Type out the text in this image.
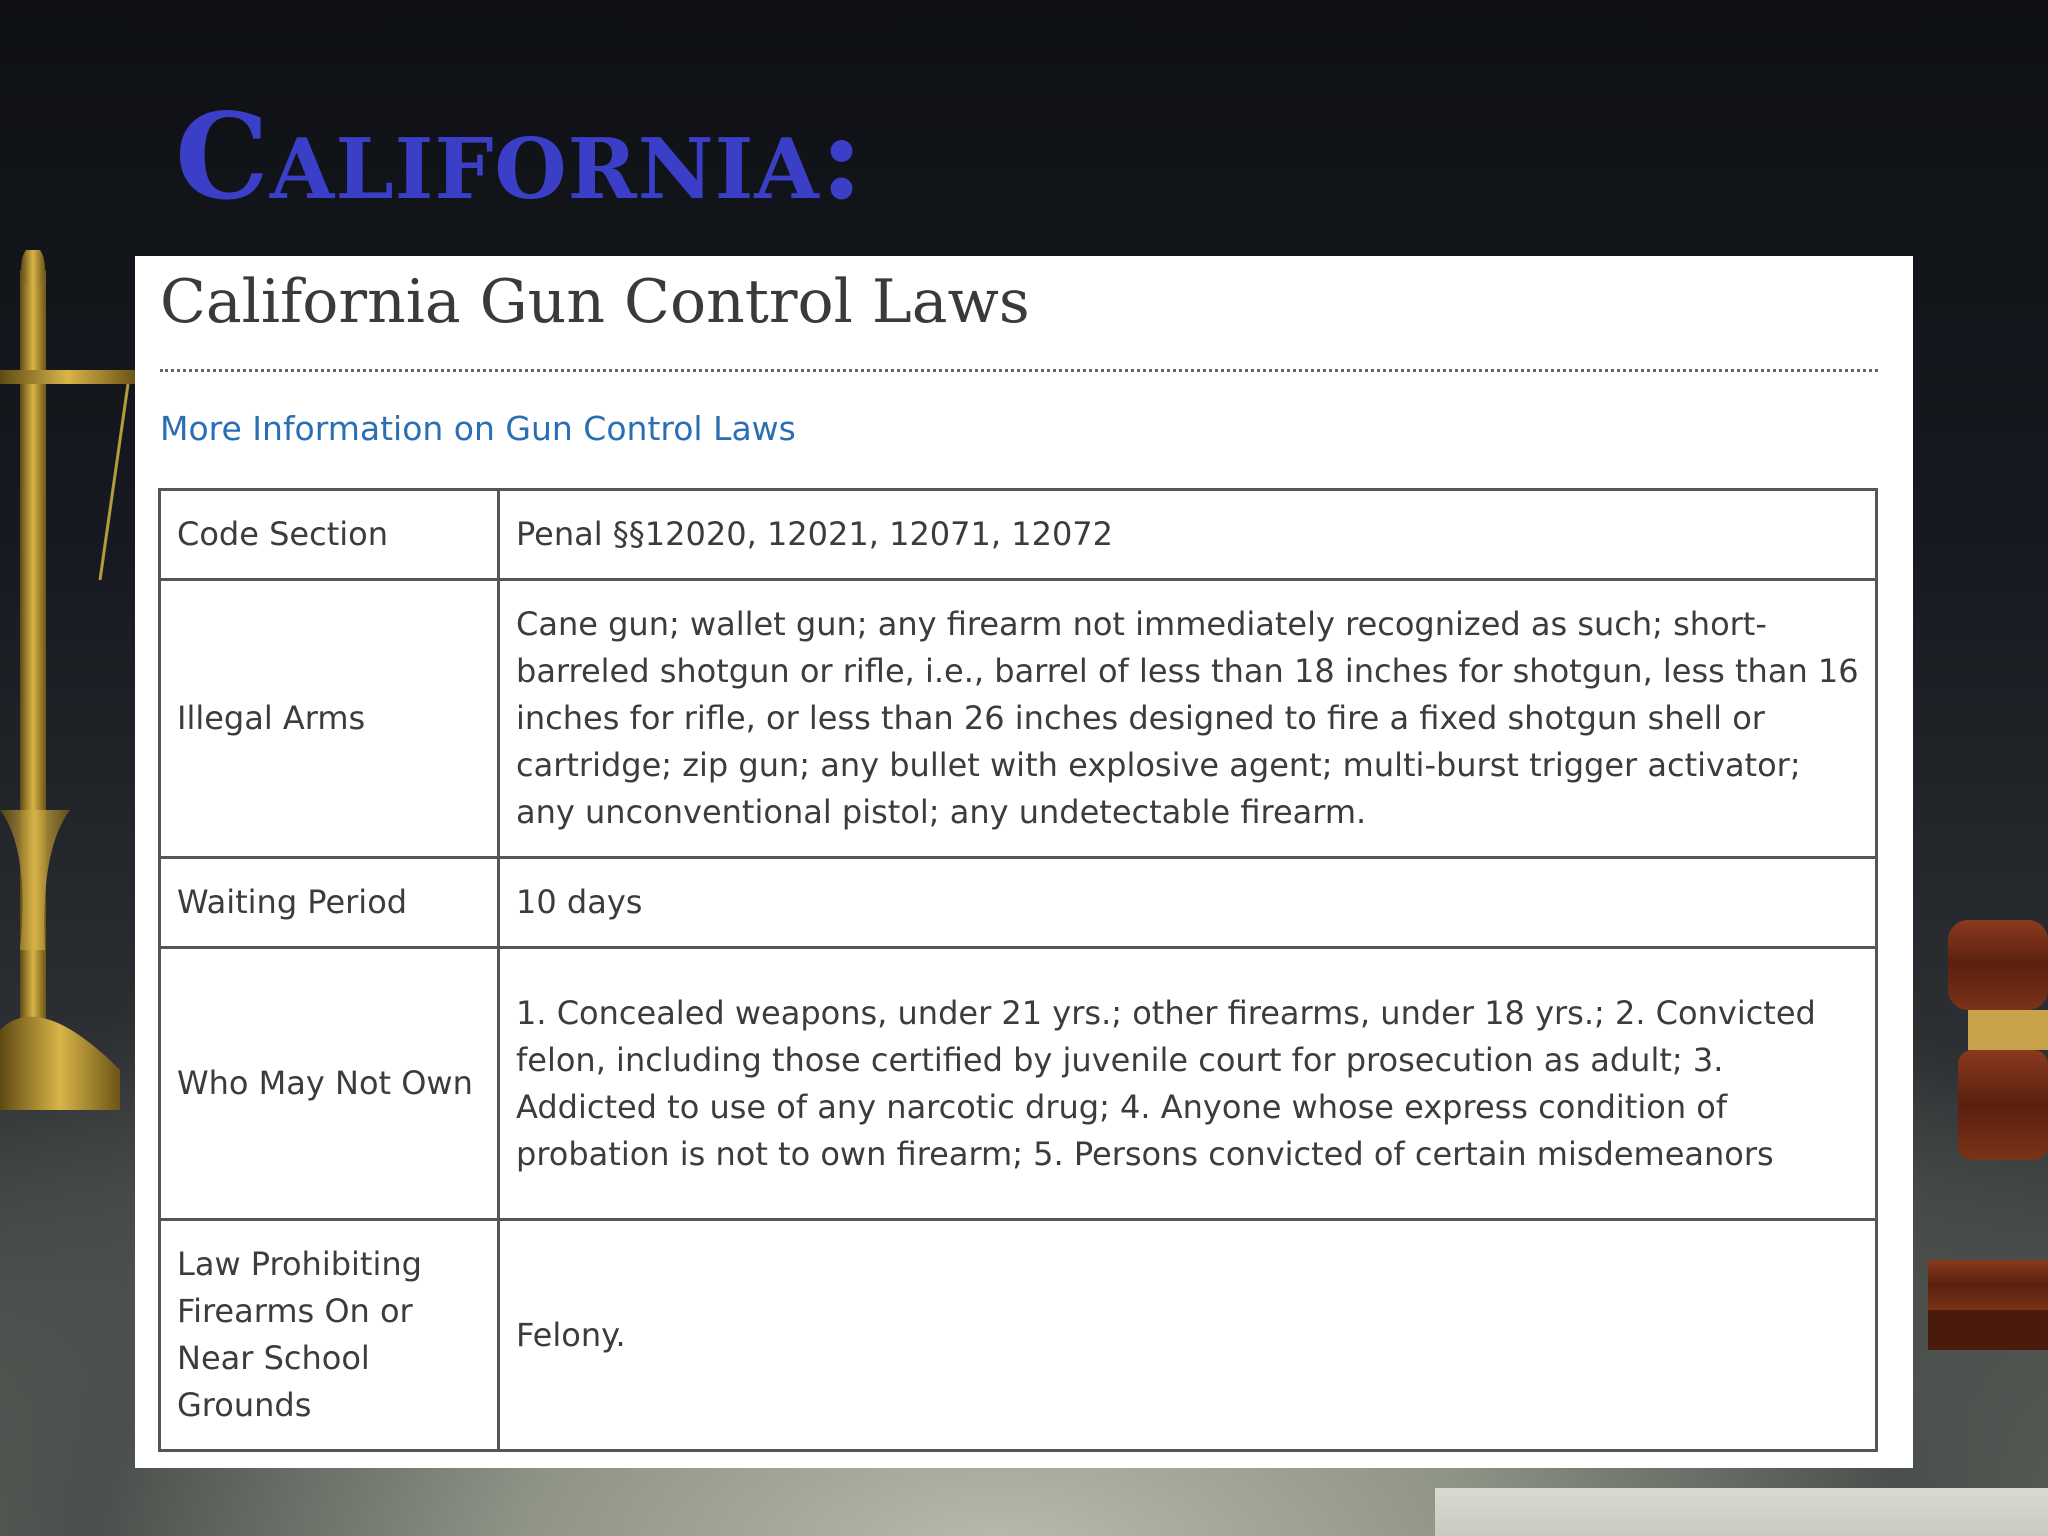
California:
California Gun Control Laws
More Information on Gun Control Laws
Code Section	Penal §§12020, 12021, 12071, 12072
Illegal Arms	Cane gun; wallet gun; any firearm not immediately recognized as such; short-barreled shotgun or rifle, i.e., barrel of less than 18 inches for shotgun, less than 16 inches for rifle, or less than 26 inches designed to fire a fixed shotgun shell or cartridge; zip gun; any bullet with explosive agent; multi-burst trigger activator; any unconventional pistol; any undetectable firearm.
Waiting Period	10 days
Who May Not Own	1. Concealed weapons, under 21 yrs.; other firearms, under 18 yrs.; 2. Convicted felon, including those certified by juvenile court for prosecution as adult; 3. Addicted to use of any narcotic drug; 4. Anyone whose express condition of probation is not to own firearm; 5. Persons convicted of certain misdemeanors
Law Prohibiting Firearms On or Near School Grounds	Felony.
